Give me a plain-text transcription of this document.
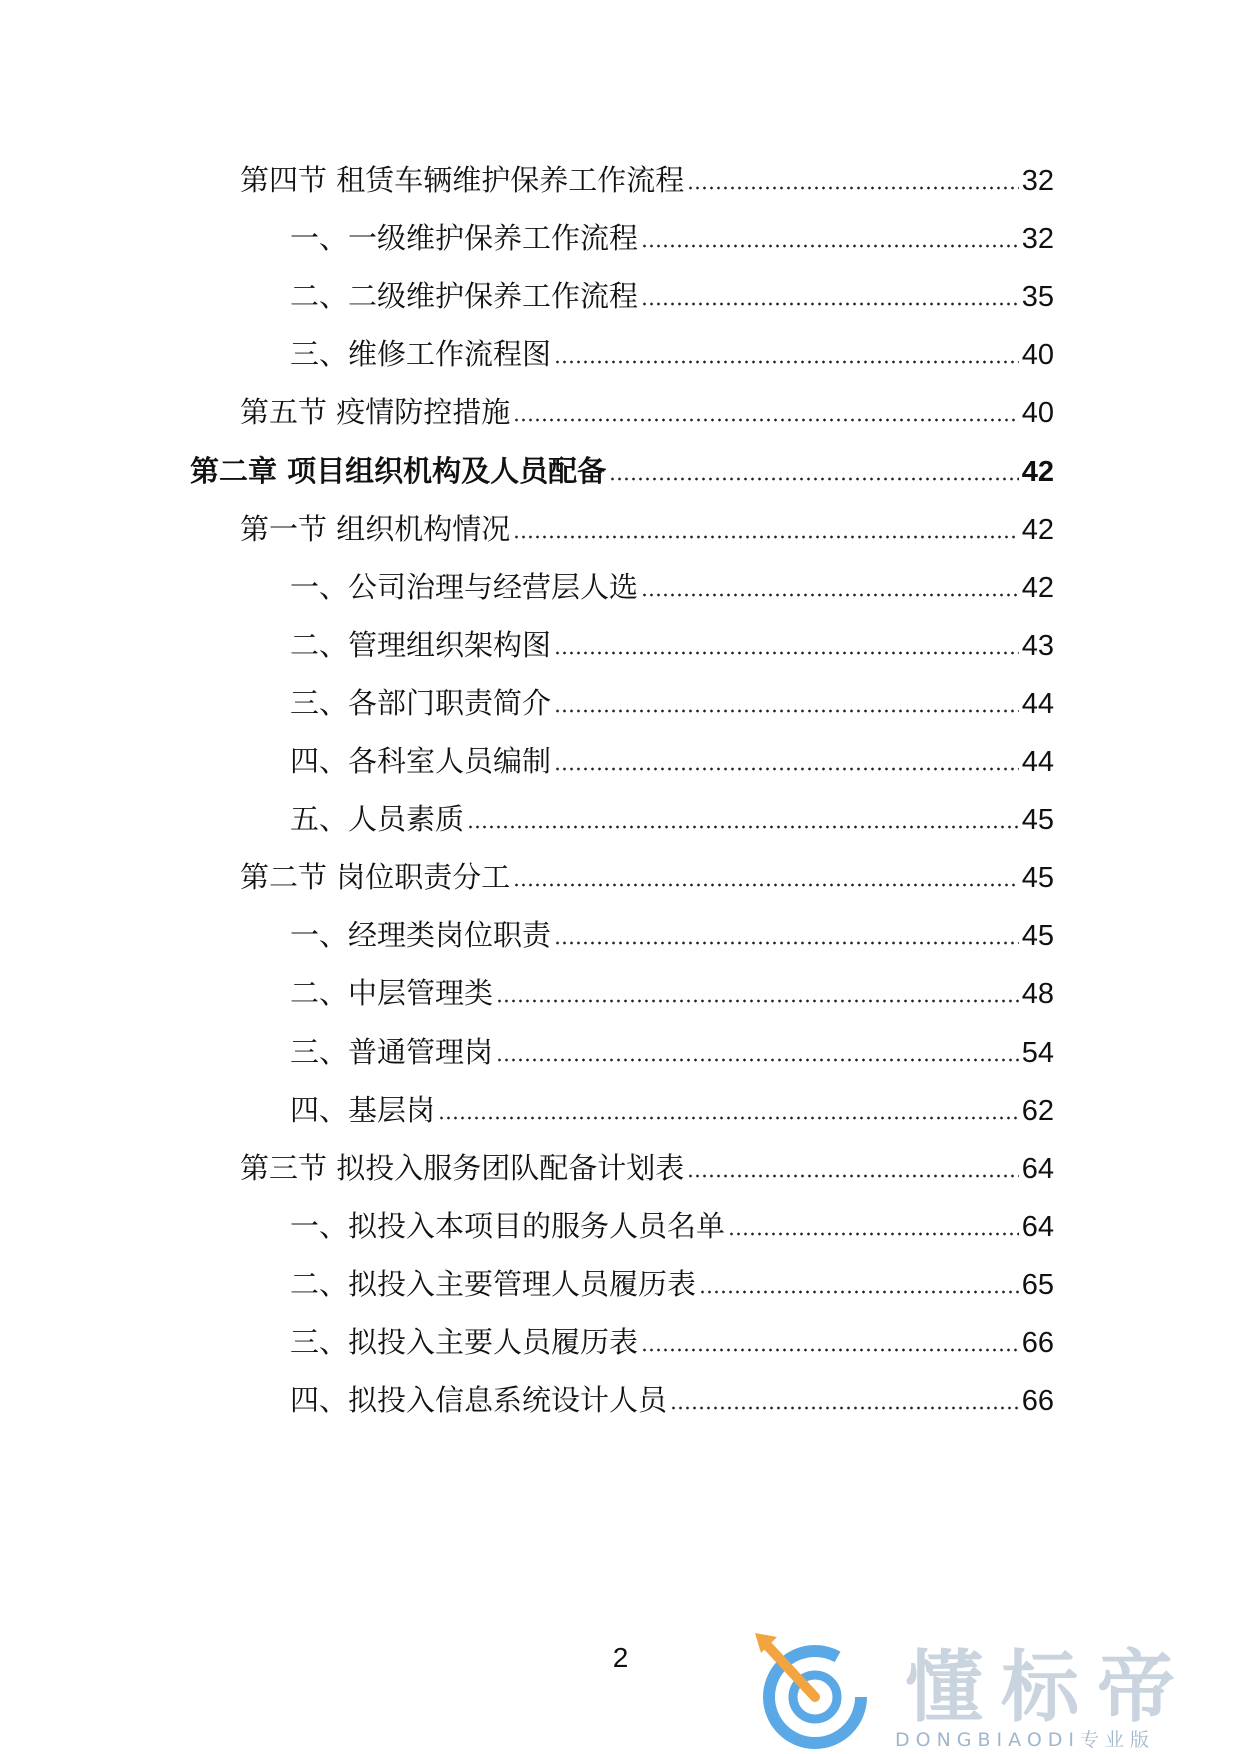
第四节 租赁车辆维护保养工作流程	32
一、一级维护保养工作流程	32
二、二级维护保养工作流程	35
三、维修工作流程图	40
第五节 疫情防控措施	40
第二章 项目组织机构及人员配备	42
第一节 组织机构情况	42
一、公司治理与经营层人选	42
二、管理组织架构图	43
三、各部门职责简介	44
四、各科室人员编制	44
五、人员素质	45
第二节 岗位职责分工	45
一、经理类岗位职责	45
二、中层管理类	48
三、普通管理岗	54
四、基层岗	62
第三节 拟投入服务团队配备计划表	64
一、拟投入本项目的服务人员名单	64
二、拟投入主要管理人员履历表	65
三、拟投入主要人员履历表	66
四、拟投入信息系统设计人员	66
2	懂标帝
DONGBIAODI专业版
